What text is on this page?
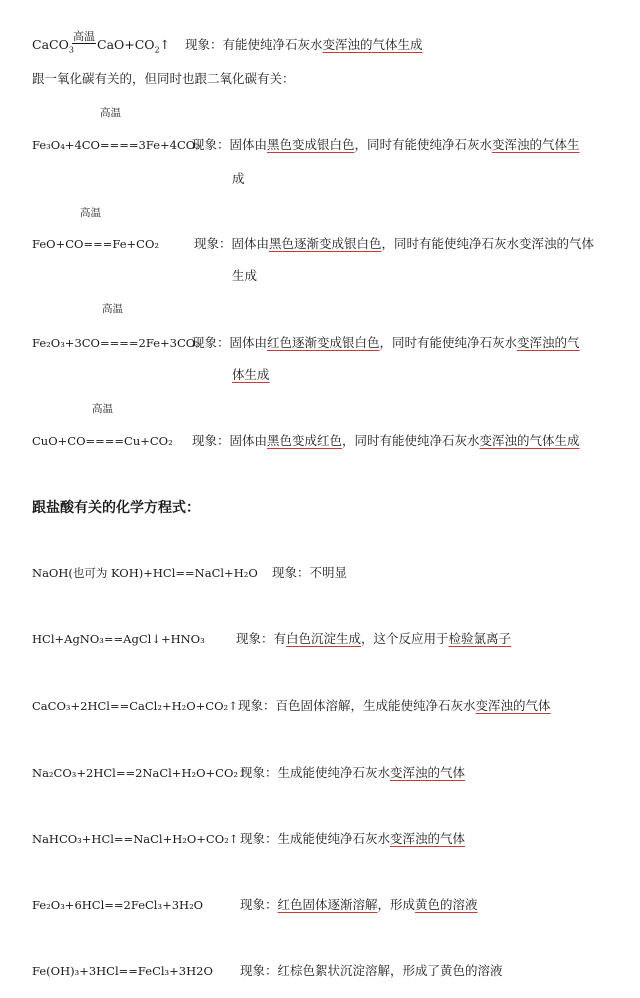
CaCO$_3$
高温
$CaO+CO_2↑$ 现象：有能使纯净石灰水变浑浊的气体生成
跟一氧化碳有关的，但同时也跟二氧化碳有关：
高温
Fe₃O₄+4CO====3Fe+4CO₂
现象：固体由黑色变成银白色，同时有能使纯净石灰水变浑浊的气体生
成
高温
FeO+CO===Fe+CO₂	现象：固体由黑色逐渐变成银白色，同时有能使纯净石灰水变浑浊的气体
生成
高温
Fe₂O₃+3CO====2Fe+3CO₂
现象：固体由红色逐渐变成银白色，同时有能使纯净石灰水变浑浊的气
体生成
高温
CuO+CO====Cu+CO₂ 现象：固体由黑色变成红色，同时有能使纯净石灰水变浑浊的气体生成
跟盐酸有关的化学方程式：
NaOH(也可为 KOH)+HCl==NaCl+H₂O 现象：不明显
HCl+AgNO₃==AgCl↓+HNO₃	现象：有白色沉淀生成，这个反应用于检验氯离子
CaCO₃+2HCl==CaCl₂+H₂O+CO₂↑ 现象：百色固体溶解，生成能使纯净石灰水变浑浊的气体
Na₂CO₃+2HCl==2NaCl+H₂O+CO₂↑
现象：生成能使纯净石灰水变浑浊的气体
NaHCO₃+HCl==NaCl+H₂O+CO₂↑ 现象：生成能使纯净石灰水变浑浊的气体
Fe₂O₃+6HCl==2FeCl₃+3H₂O	现象：红色固体逐渐溶解，形成黄色的溶液
Fe(OH)₃+3HCl==FeCl₃+3H2O 现象：红棕色絮状沉淀溶解，形成了黄色的溶液
